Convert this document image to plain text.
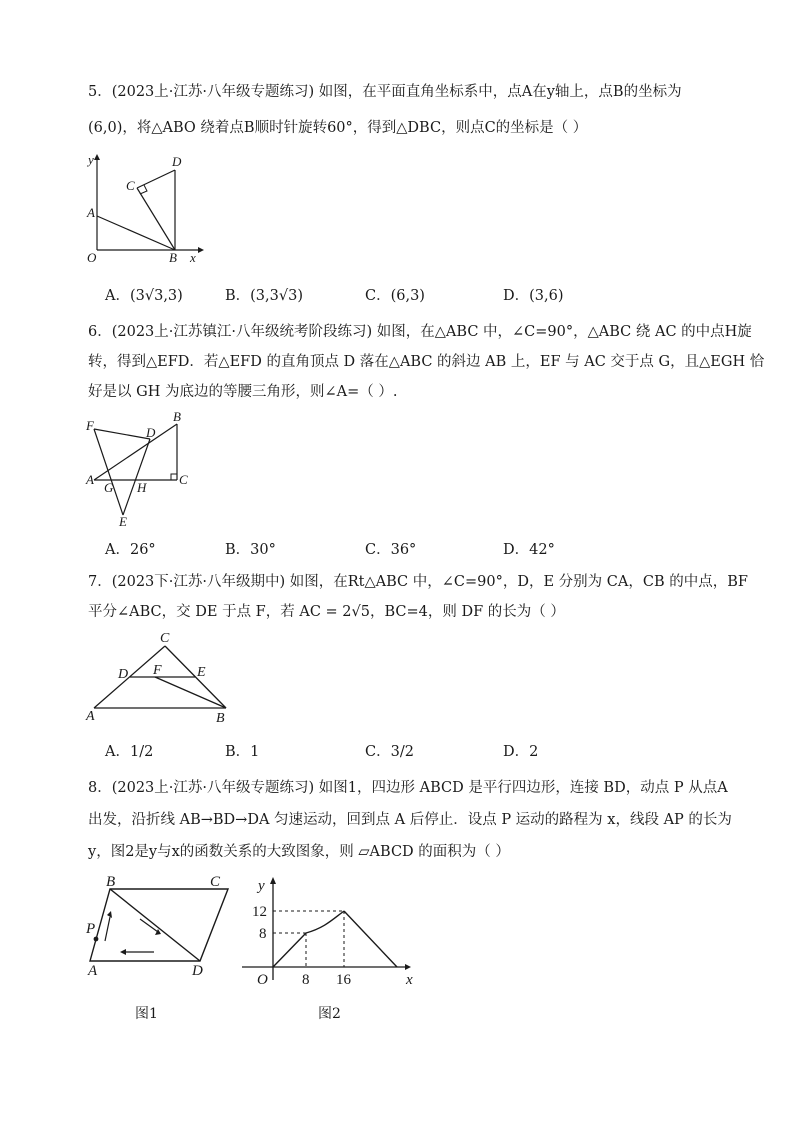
5．(2023上·江苏·八年级专题练习) 如图，在平面直角坐标系中，点A在y轴上，点B的坐标为
(6,0)，将△ABO 绕着点B顺时针旋转60°，得到△DBC，则点C的坐标是（ ）
y
x
O
A
B
C
D
A．(3√3,3)	B．(3,3√3)	C．(6,3)	D．(3,6)
6．(2023上·江苏镇江·八年级统考阶段练习) 如图，在△ABC 中，∠C=90°，△ABC 绕 AC 的中点H旋
转，得到△EFD．若△EFD 的直角顶点 D 落在△ABC 的斜边 AB 上，EF 与 AC 交于点 G，且△EGH 恰
好是以 GH 为底边的等腰三角形，则∠A=（ ）.
F	D
B
A
G H
C
E
A．26°	B．30°	C．36°	D．42°
7．(2023下·江苏·八年级期中) 如图，在Rt△ABC 中，∠C=90°，D，E 分别为 CA，CB 的中点，BF
平分∠ABC，交 DE 于点 F，若 AC = 2√5，BC=4，则 DF 的长为（ ）
C
D F	E
A	B
A．1/2	B．1	C．3/2	D．2
8．(2023上·江苏·八年级专题练习) 如图1，四边形 ABCD 是平行四边形，连接 BD，动点 P 从点A
出发，沿折线 AB→BD→DA 匀速运动，回到点 A 后停止．设点 P 运动的路程为 x，线段 AP 的长为
y，图2是y与x的函数关系的大致图象，则 ▱ABCD 的面积为（ ）
B	C
P
A	D
图1
y
x
O
12
8
8 16
图2
